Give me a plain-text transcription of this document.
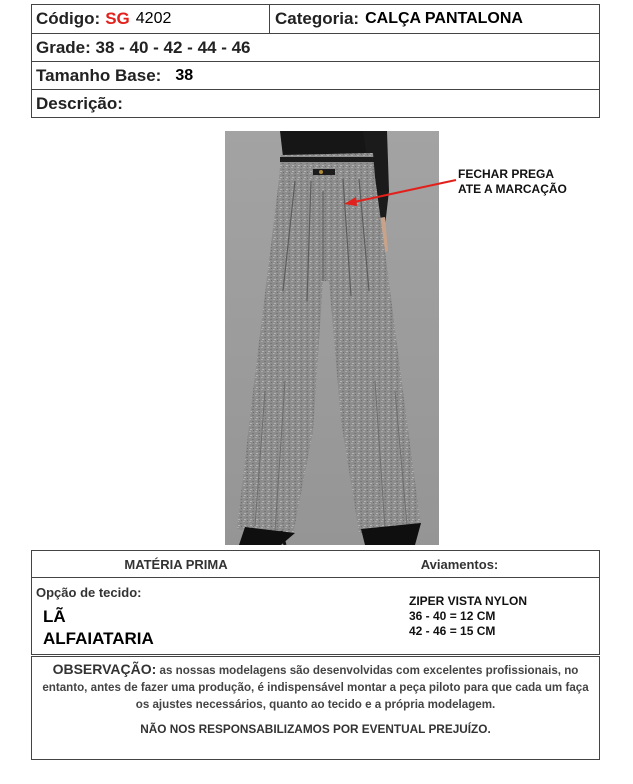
Código: SG 4202	Categoria: CALÇA PANTALONA
Grade: 38 - 40 - 42 - 44 - 46
Tamanho Base: 38
Descrição:
FECHAR PREGA
ATE A MARCAÇÃO
MATÉRIA PRIMA	Aviamentos:
Opção de tecido:
LÃ
ALFAIATARIA
ZIPER VISTA NYLON
36 - 40 = 12 CM
42 - 46 = 15 CM
OBSERVAÇÃO: as nossas modelagens são desenvolvidas com excelentes profissionais, no entanto, antes de fazer uma produção, é indispensável montar a peça piloto para que cada um faça os ajustes necessários, quanto ao tecido e a própria modelagem.
NÃO NOS RESPONSABILIZAMOS POR EVENTUAL PREJUÍZO.
